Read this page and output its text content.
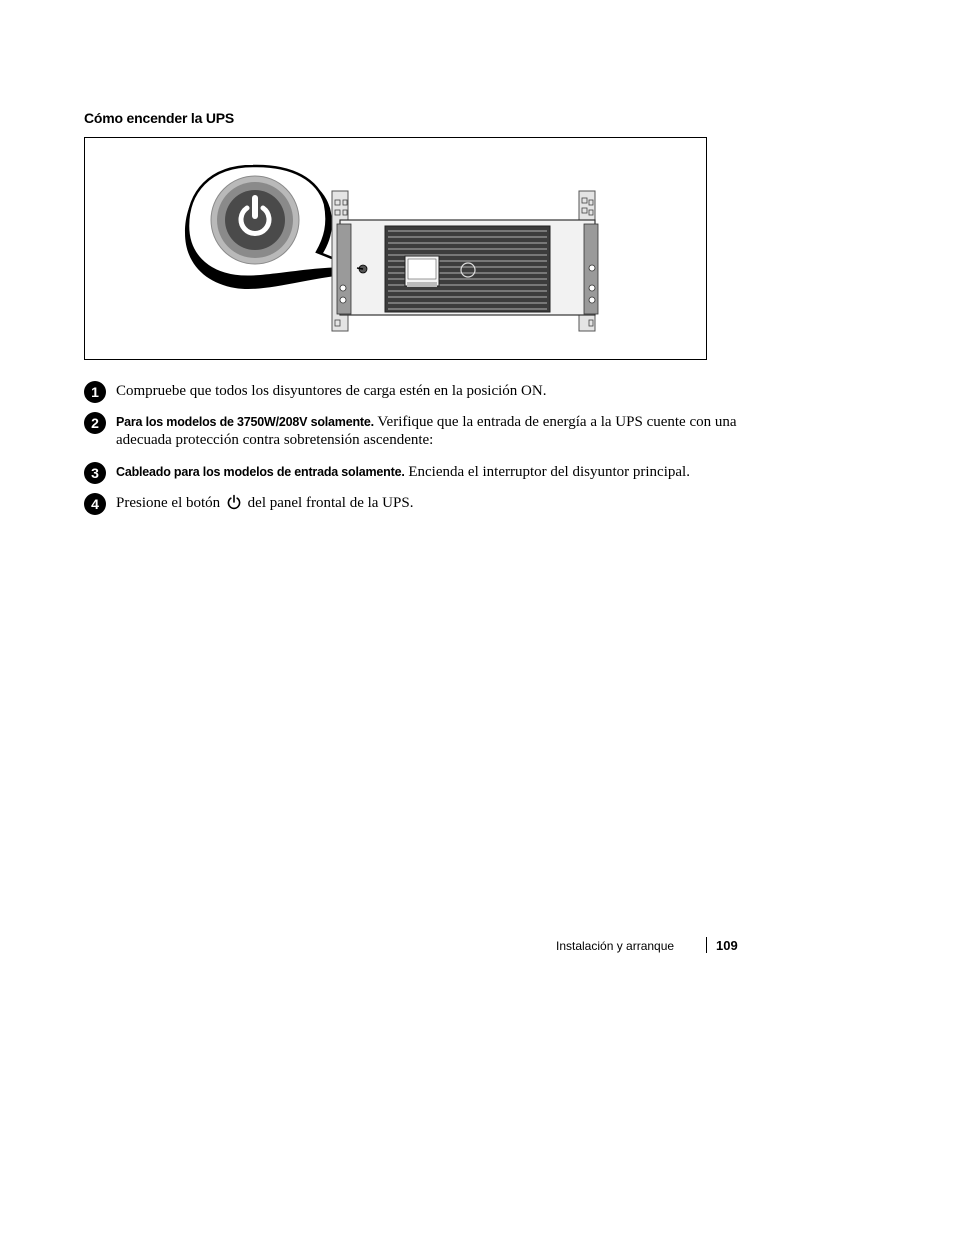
Cómo encender la UPS
1	Compruebe que todos los disyuntores de carga estén en la posición ON.
2	Para los modelos de 3750W/208V solamente. Verifique que la entrada de energía a la UPS cuente con una adecuada protección contra sobretensión ascendente:
3	Cableado para los modelos de entrada solamente. Encienda el interruptor del disyuntor principal.
4	Presione el botón del panel frontal de la UPS.
Instalación y arranque	109
